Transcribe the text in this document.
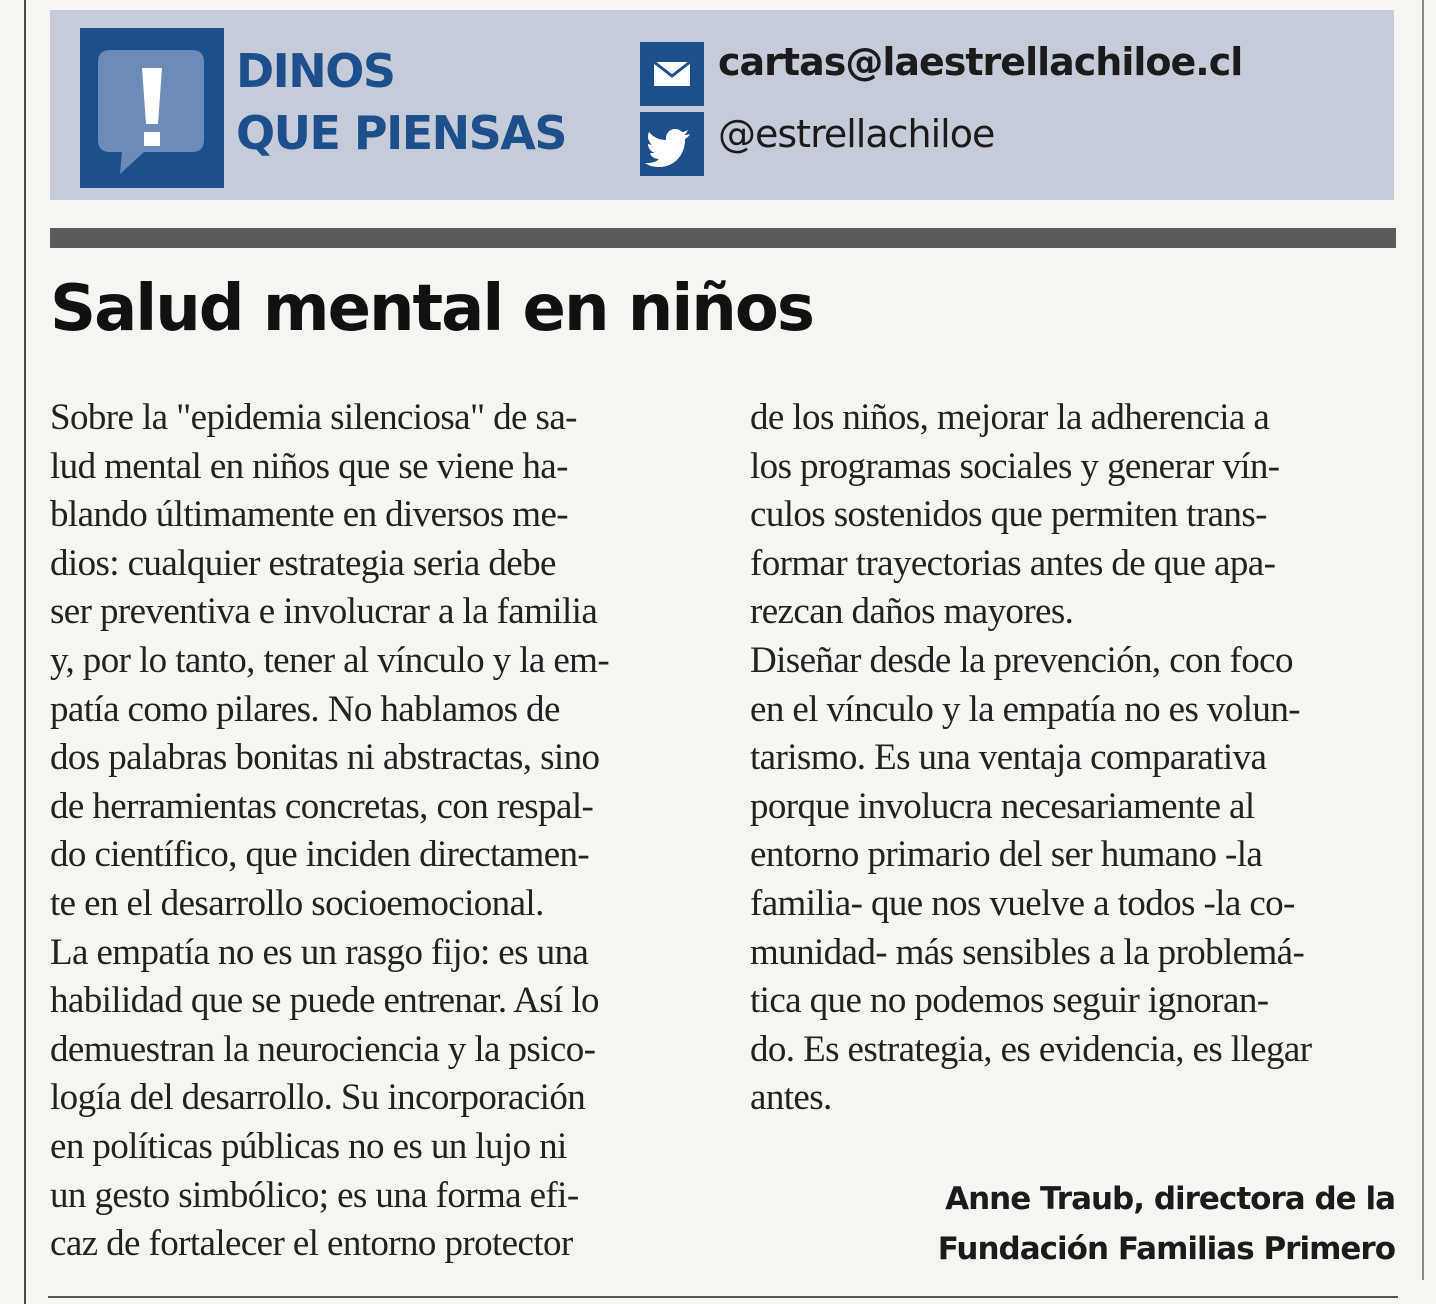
DINOS
QUE PIENSAS
cartas@laestrellachiloe.cl
@estrellachiloe
Salud mental en niños
Sobre la "epidemia silenciosa" de sa-
lud mental en niños que se viene ha-
blando últimamente en diversos me-
dios: cualquier estrategia seria debe
ser preventiva e involucrar a la familia
y, por lo tanto, tener al vínculo y la em-
patía como pilares. No hablamos de
dos palabras bonitas ni abstractas, sino
de herramientas concretas, con respal-
do científico, que inciden directamen-
te en el desarrollo socioemocional.
La empatía no es un rasgo fijo: es una
habilidad que se puede entrenar. Así lo
demuestran la neurociencia y la psico-
logía del desarrollo. Su incorporación
en políticas públicas no es un lujo ni
un gesto simbólico; es una forma efi-
caz de fortalecer el entorno protector
de los niños, mejorar la adherencia a
los programas sociales y generar vín-
culos sostenidos que permiten trans-
formar trayectorias antes de que apa-
rezcan daños mayores.
Diseñar desde la prevención, con foco
en el vínculo y la empatía no es volun-
tarismo. Es una ventaja comparativa
porque involucra necesariamente al
entorno primario del ser humano -la
familia- que nos vuelve a todos -la co-
munidad- más sensibles a la problemá-
tica que no podemos seguir ignoran-
do. Es estrategia, es evidencia, es llegar
antes.
Anne Traub, directora de la
Fundación Familias Primero
